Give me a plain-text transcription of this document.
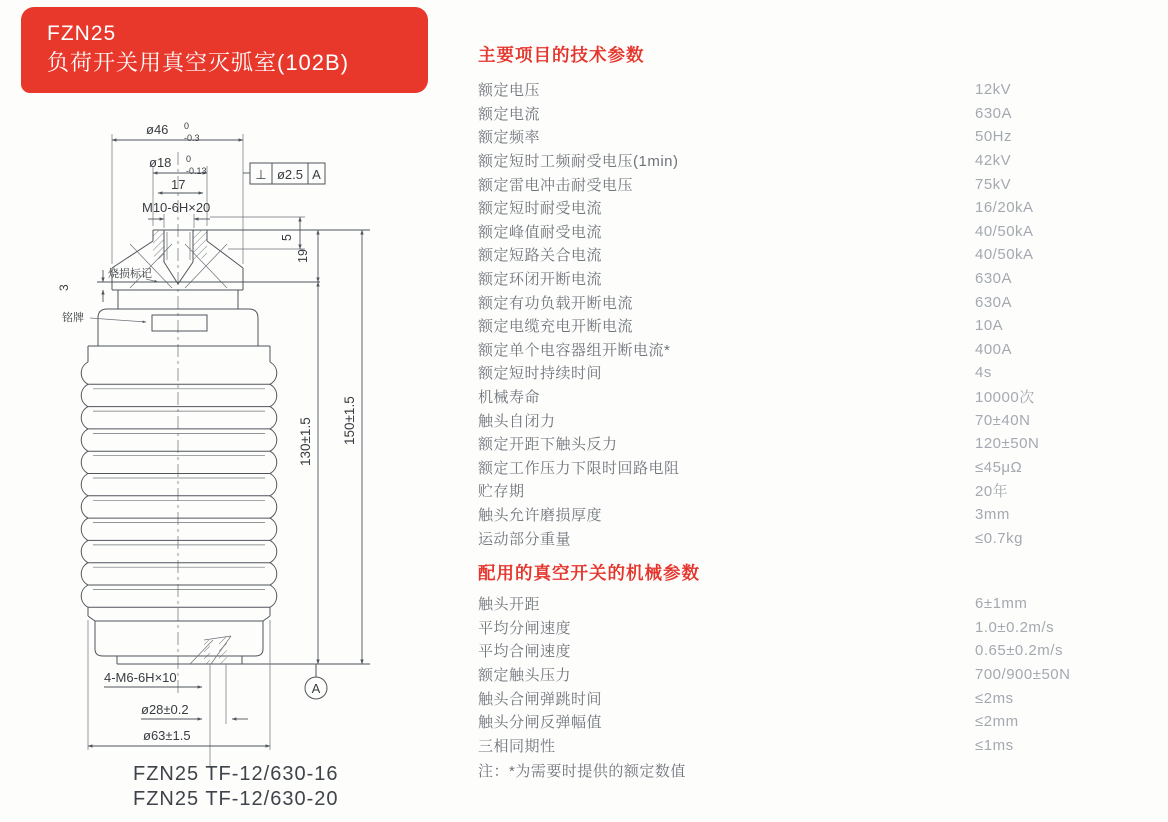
FZN25
负荷开关用真空灭弧室(102B)
ø46 0
-0.3
ø18 0
-0.13
17
M10-6H×20
⊥ ø2.5 A
3
烧损标记
铭牌
4-M6-6H×10
ø28±0.2
ø63±1.5
19
130±1.5 150±1.5
5
A
FZN25 TF-12/630-16
FZN25 TF-12/630-20
主要项目的技术参数
额定电压	12kV
额定电流	630A
额定频率	50Hz
额定短时工频耐受电压(1min)	42kV
额定雷电冲击耐受电压	75kV
额定短时耐受电流	16/20kA
额定峰值耐受电流	40/50kA
额定短路关合电流	40/50kA
额定环闭开断电流	630A
额定有功负载开断电流	630A
额定电缆充电开断电流	10A
额定单个电容器组开断电流*	400A
额定短时持续时间	4s
机械寿命	10000次
触头自闭力	70±40N
额定开距下触头反力	120±50N
额定工作压力下限时回路电阻	≤45μΩ
贮存期	20年
触头允许磨损厚度	3mm
运动部分重量	≤0.7kg
配用的真空开关的机械参数
触头开距	6±1mm
平均分闸速度	1.0±0.2m/s
平均合闸速度	0.65±0.2m/s
额定触头压力	700/900±50N
触头合闸弹跳时间	≤2ms
触头分闸反弹幅值	≤2mm
三相同期性	≤1ms
注：*为需要时提供的额定数值
